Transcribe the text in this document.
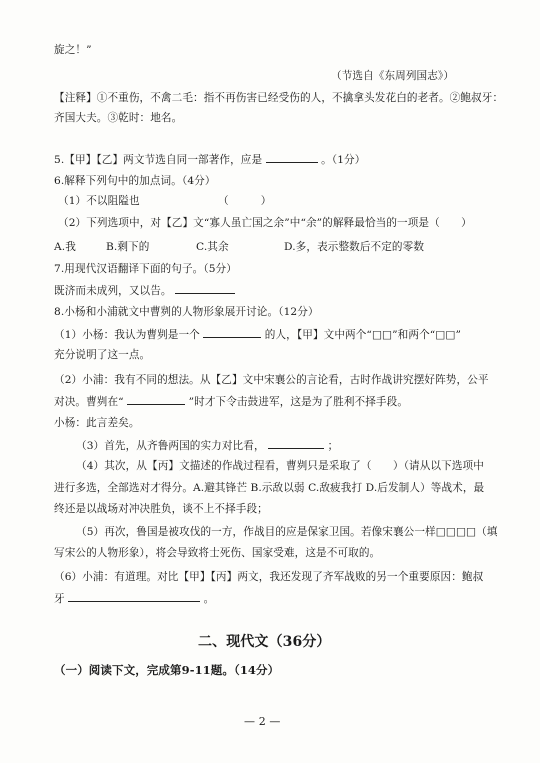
旋之！”
（节选自《东周列国志》）
【注释】①不重伤，不禽二毛：指不再伤害已经受伤的人，不擒拿头发花白的老者。②鲍叔牙：
齐国大夫。③乾时：地名。
5.【甲】【乙】两文节选自同一部著作，应是	。（1分）
6.解释下列句中的加点词。（4分）
（1）不以阻隘也	（　　　）
（2）下列选项中，对【乙】文“寡人虽亡国之余”中“余”的解释最恰当的一项是（　　）
A.我	B.剩下的	C.其余	D.多，表示整数后不定的零数
7.用现代汉语翻译下面的句子。（5分）
既济而未成列，又以告。
8.小杨和小浦就文中曹刿的人物形象展开讨论。（12分）
（1）小杨：我认为曹刿是一个	的人，【甲】文中两个“□□”和两个“□□”
充分说明了这一点。
（2）小浦：我有不同的想法。从【乙】文中宋襄公的言论看，古时作战讲究摆好阵势，公平
对决。曹刿在“	”时才下令击鼓进军，这是为了胜利不择手段。
小杨：此言差矣。
（3）首先，从齐鲁两国的实力对比看，	；
（4）其次，从【丙】文描述的作战过程看，曹刿只是采取了（　　）（请从以下选项中
进行多选，全部选对才得分。A.避其锋芒 B.示敌以弱 C.敌疲我打 D.后发制人）等战术，最
终还是以战场对冲决胜负，谈不上不择手段；
（5）再次，鲁国是被攻伐的一方，作战目的应是保家卫国。若像宋襄公一样□□□□（填
写宋公的人物形象），将会导致将士死伤、国家受难，这是不可取的。
（6）小浦：有道理。对比【甲】【丙】两文，我还发现了齐军战败的另一个重要原因：鲍叔
牙	。
二、现代文（36分）
（一）阅读下文，完成第9-11题。（14分）
— 2 —
